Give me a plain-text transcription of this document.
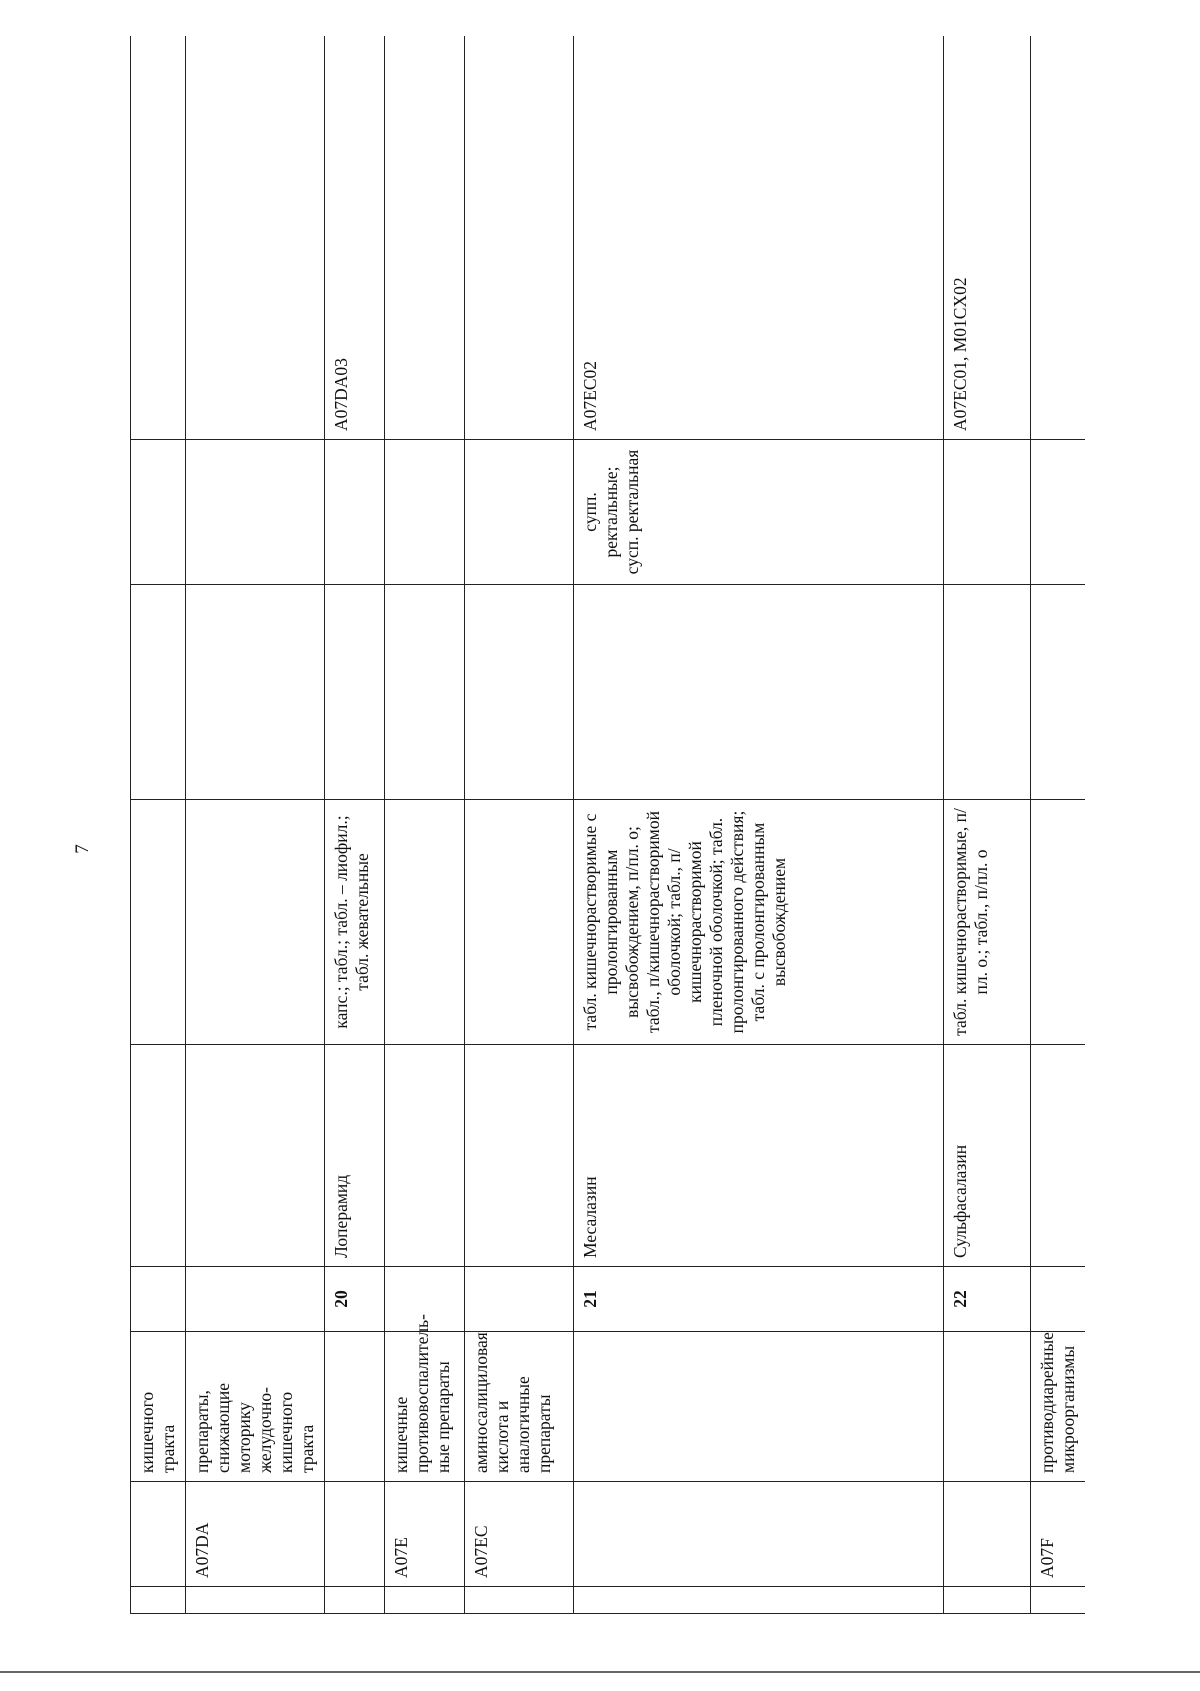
7
		кишечного тракта						
	A07DA	препараты, снижающие моторику желудочно-кишечного тракта						
			20	Лоперамид	капс.; табл.; табл. – лиофил.; табл. жевательные			A07DA03
	A07E	кишечные противовоспалитель-ные препараты						
	A07EC	аминосалициловая кислота и аналогичные препараты						
			21	Месалазин	табл. кишечнорастворимые с пролонгированным высвобождением, п/пл. о; табл., п/кишечнорастворимой оболочкой; табл., п/кишечнорастворимой пленочной оболочкой; табл. пролонгированного действия; табл. с пролонгированным высвобождением		супп. ректальные; сусп. ректальная	A07EC02
			22	Сульфасалазин	табл. кишечнорастворимые, п/пл. о.; табл., п/пл. о			A07EC01, M01CX02
	A07F	противодиарейные микроорганизмы						
